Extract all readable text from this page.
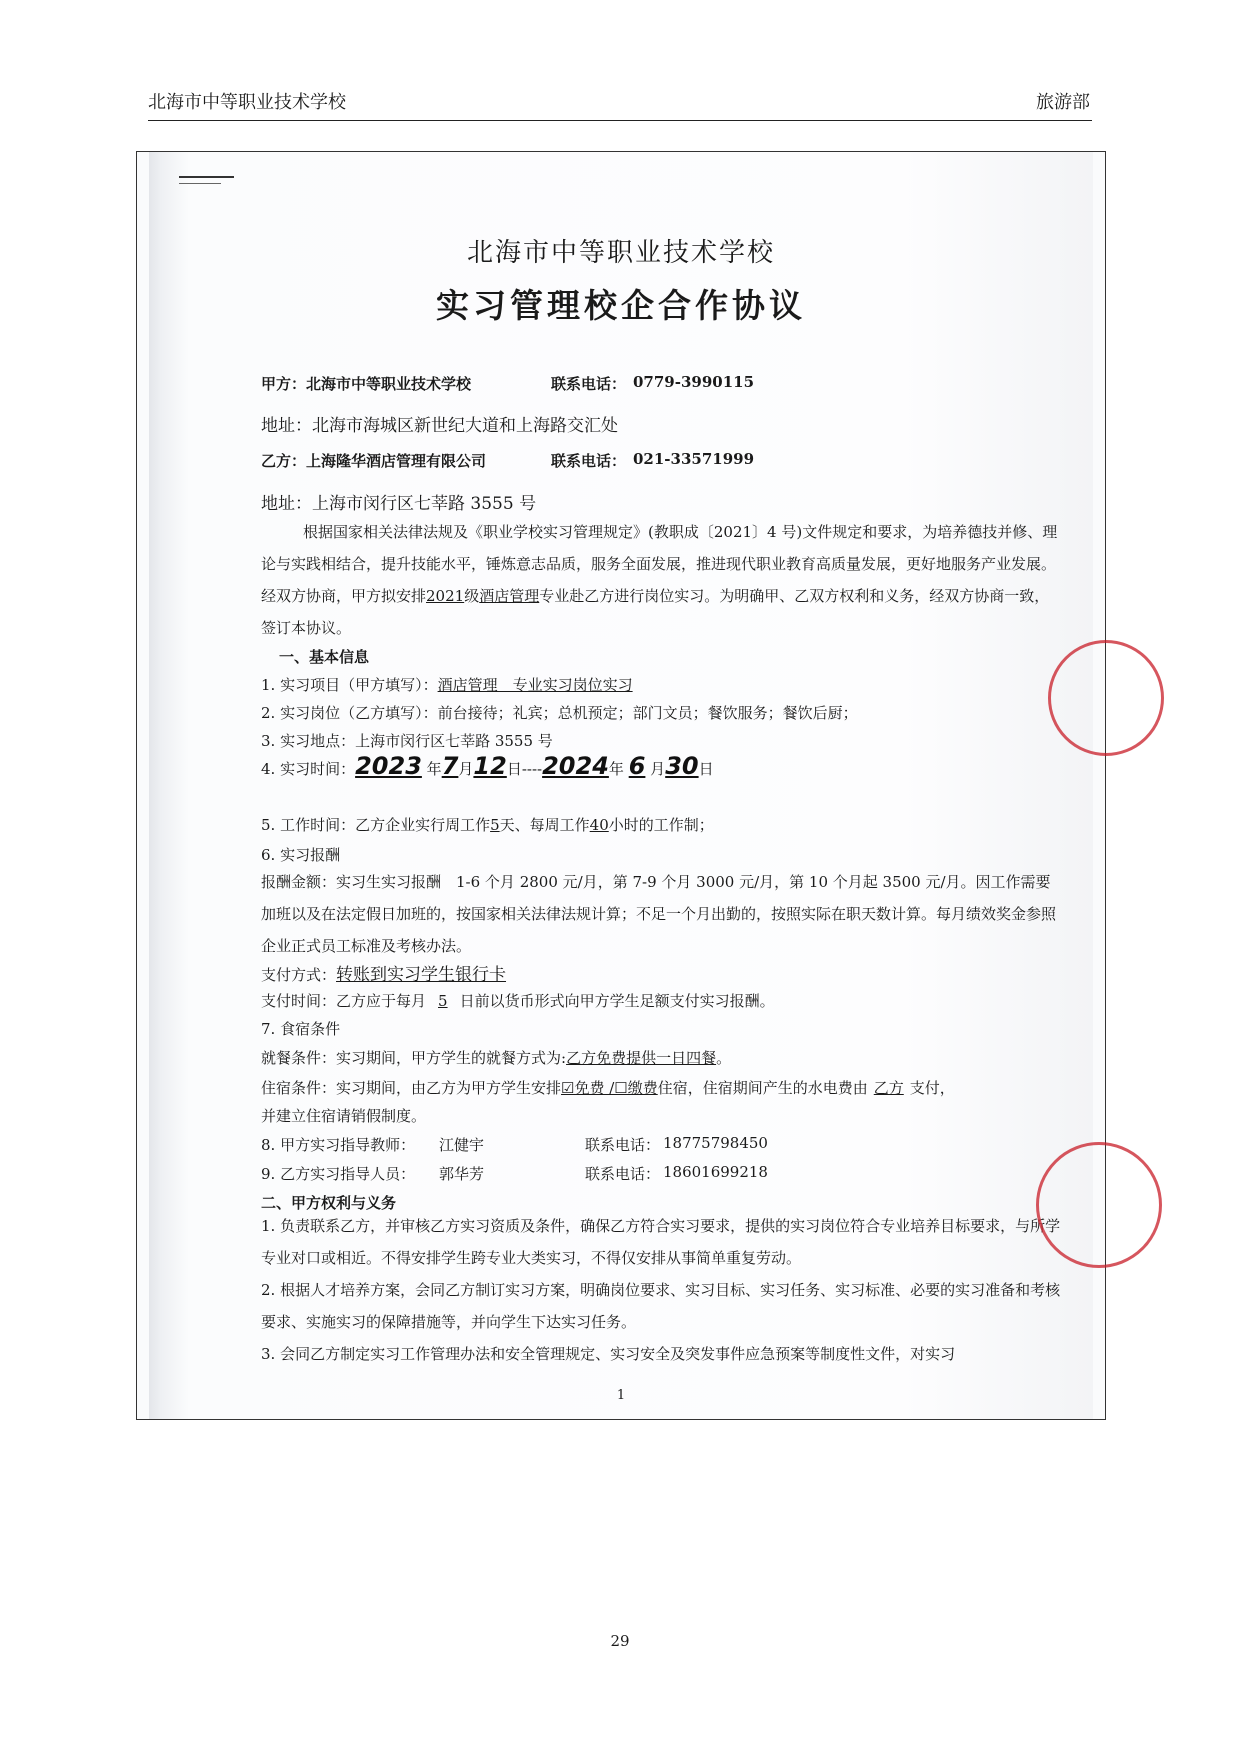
北海市中等职业技术学校	旅游部
北海市中等职业技术学校
实习管理校企合作协议
甲方：北海市中等职业技术学校	联系电话： 0779-3990115
地址：北海市海城区新世纪大道和上海路交汇处
乙方：上海隆华酒店管理有限公司	联系电话： 021-33571999
地址：上海市闵行区七莘路 3555 号
根据国家相关法律法规及《职业学校实习管理规定》(教职成〔2021〕4 号)文件规定和要求，为培养德技并修、理论与实践相结合，提升技能水平，锤炼意志品质，服务全面发展，推进现代职业教育高质量发展，更好地服务产业发展。经双方协商，甲方拟安排2021级酒店管理专业赴乙方进行岗位实习。为明确甲、乙双方权利和义务，经双方协商一致，签订本协议。
一、基本信息
1. 实习项目（甲方填写）：酒店管理　专业实习岗位实习
2. 实习岗位（乙方填写）：前台接待；礼宾；总机预定；部门文员；餐饮服务；餐饮后厨；
3. 实习地点：上海市闵行区七莘路 3555 号
4. 实习时间：2023 年7月12日----2024年 6 月30日
5. 工作时间：乙方企业实行周工作5天、每周工作40小时的工作制；
6. 实习报酬
报酬金额：实习生实习报酬　1-6 个月 2800 元/月，第 7-9 个月 3000 元/月，第 10 个月起 3500 元/月。因工作需要加班以及在法定假日加班的，按国家相关法律法规计算；不足一个月出勤的，按照实际在职天数计算。每月绩效奖金参照企业正式员工标准及考核办法。
支付方式：转账到实习学生银行卡
支付时间：乙方应于每月 5 日前以货币形式向甲方学生足额支付实习报酬。
7. 食宿条件
就餐条件：实习期间，甲方学生的就餐方式为:乙方免费提供一日四餐。
住宿条件：实习期间，由乙方为甲方学生安排☑免费 /☐缴费住宿，住宿期间产生的水电费由 乙方 支付，
并建立住宿请销假制度。
8. 甲方实习指导教师： 江健宇	联系电话： 18775798450
9. 乙方实习指导人员： 郭华芳	联系电话： 18601699218
二、甲方权利与义务
1. 负责联系乙方，并审核乙方实习资质及条件，确保乙方符合实习要求，提供的实习岗位符合专业培养目标要求，与所学专业对口或相近。不得安排学生跨专业大类实习，不得仅安排从事简单重复劳动。
2. 根据人才培养方案，会同乙方制订实习方案，明确岗位要求、实习目标、实习任务、实习标准、必要的实习准备和考核要求、实施实习的保障措施等，并向学生下达实习任务。
3. 会同乙方制定实习工作管理办法和安全管理规定、实习安全及突发事件应急预案等制度性文件，对实习
1
29
